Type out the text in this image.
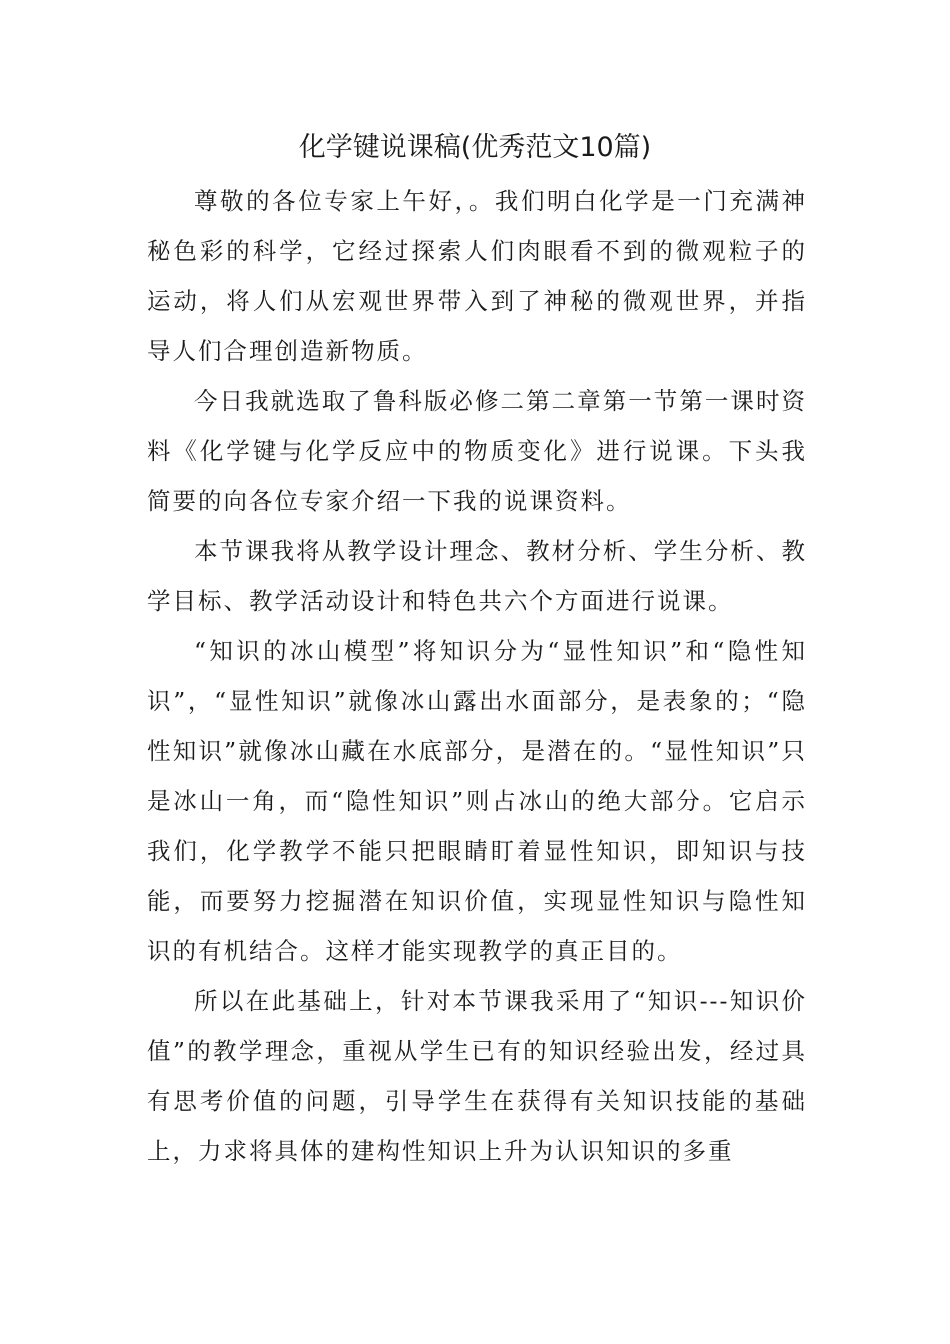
化学键说课稿(优秀范文10篇)

尊敬的各位专家上午好，。我们明白化学是一门充满神秘色彩的科学，它经过探索人们肉眼看不到的微观粒子的运动，将人们从宏观世界带入到了神秘的微观世界，并指导人们合理创造新物质。

今日我就选取了鲁科版必修二第二章第一节第一课时资料《化学键与化学反应中的物质变化》进行说课。下头我简要的向各位专家介绍一下我的说课资料。

本节课我将从教学设计理念、教材分析、学生分析、教学目标、教学活动设计和特色共六个方面进行说课。

“知识的冰山模型”将知识分为“显性知识”和“隐性知识”，“显性知识”就像冰山露出水面部分，是表象的；“隐性知识”就像冰山藏在水底部分，是潜在的。“显性知识”只是冰山一角，而“隐性知识”则占冰山的绝大部分。它启示我们，化学教学不能只把眼睛盯着显性知识，即知识与技能，而要努力挖掘潜在知识价值，实现显性知识与隐性知识的有机结合。这样才能实现教学的真正目的。

所以在此基础上，针对本节课我采用了“知识---知识价值”的教学理念，重视从学生已有的知识经验出发，经过具有思考价值的问题，引导学生在获得有关知识技能的基础上，力求将具体的建构性知识上升为认识知识的多重
